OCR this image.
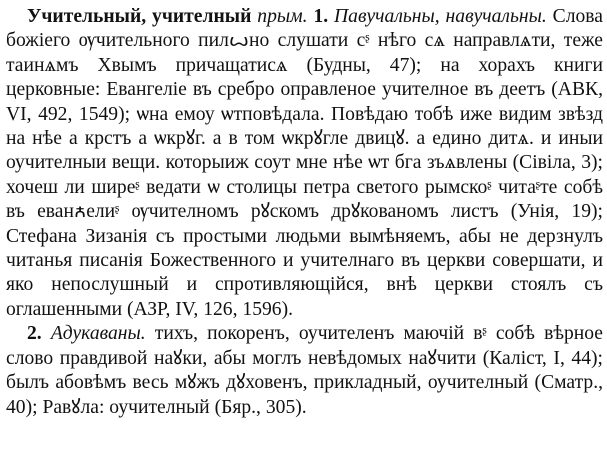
Учительный, учителный прым. 1. Павучальны, навучальны. Слова божіего ѹчительного пилꙍно слушати сᶳ нѣго сѧ направлѧти, теже таинѧмъ Хвымъ причащатисѧ (Будны, 47); на хорахъ книги церковные: Евангеліе въ сребро оправленое учителное въ деетъ (АВК, VI, 492, 1549); ѡна емоу ѡтповѣдала. Повѣдаю тобѣ иже видим звѣзд на нѣе а крстъ а ѡкрꙋг. а в том ѡкрꙋгле двицꙋ. а едино дитѧ. и иныи оучителныи вещи. которыиж соут мне нѣе ѡт бга зъѧвлены (Сівіла, 3); хочеш ли ширеᶳ ведати ѡ столицы петра светого рымскоᶳ читаᶳте собѣ въ еванꙉелиᶳ ѹчителномъ рꙋскомъ дрꙋкованомъ листъ (Унія, 19); Стефана Зизанія съ простыми людьми вымѣняемъ, абы не дерзнулъ читанья писанія Божественного и учителнаго въ церкви совершати, и яко непослушный и спротивляющійся, внѣ церкви стоялъ съ оглашенными (АЗР, IV, 126, 1596).

2. Адукаваны. тихъ, покоренъ, оучителенъ маючій вᶳ собѣ вѣрное слово правдивой наꙋки, абы моглъ невѣдомых наꙋчити (Каліст, І, 44); былъ абовѣмъ весь мꙋжъ дꙋховенъ, прикладный, оучителный (Сматр., 40); Равꙋла: оучителный (Бяр., 305).
